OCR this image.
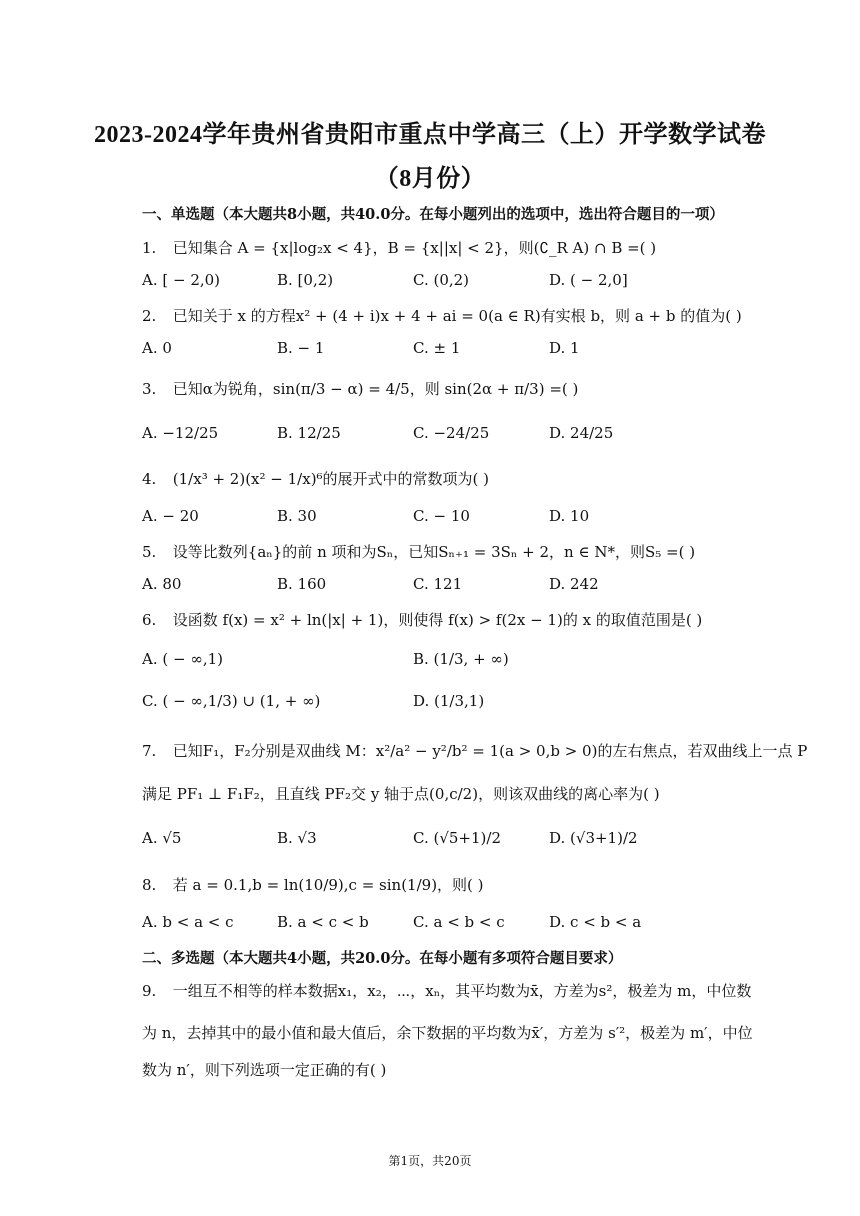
2023-2024学年贵州省贵阳市重点中学高三（上）开学数学试卷
（8月份）
一、单选题（本大题共8小题，共40.0分。在每小题列出的选项中，选出符合题目的一项）
1. 已知集合 A = {x|log₂x < 4}，B = {x||x| < 2}，则(∁_R A) ∩ B =( )
A. [ − 2,0)	B. [0,2)	C. (0,2)	D. ( − 2,0]
2. 已知关于 x 的方程x² + (4 + i)x + 4 + ai = 0(a ∈ R)有实根 b，则 a + b 的值为( )
A. 0	B. − 1	C. ± 1	D. 1
3. 已知α为锐角，sin(π/3 − α) = 4/5，则 sin(2α + π/3) =( )
A. −12/25	B. 12/25	C. −24/25	D. 24/25
4. (1/x³ + 2)(x² − 1/x)⁶的展开式中的常数项为( )
A. − 20	B. 30	C. − 10	D. 10
5. 设等比数列{aₙ}的前 n 项和为Sₙ，已知Sₙ₊₁ = 3Sₙ + 2，n ∈ N*，则S₅ =( )
A. 80	B. 160	C. 121	D. 242
6. 设函数 f(x) = x² + ln(|x| + 1)，则使得 f(x) > f(2x − 1)的 x 的取值范围是( )
A. ( − ∞,1)	B. (1/3, + ∞)
C. ( − ∞,1/3) ∪ (1, + ∞)	D. (1/3,1)
7. 已知F₁，F₂分别是双曲线 M：x²/a² − y²/b² = 1(a > 0,b > 0)的左右焦点，若双曲线上一点 P
满足 PF₁ ⊥ F₁F₂，且直线 PF₂交 y 轴于点(0,c/2)，则该双曲线的离心率为( )
A. √5	B. √3	C. (√5+1)/2	D. (√3+1)/2
8. 若 a = 0.1,b = ln(10/9),c = sin(1/9)，则( )
A. b < a < c	B. a < c < b	C. a < b < c	D. c < b < a
二、多选题（本大题共4小题，共20.0分。在每小题有多项符合题目要求）
9. 一组互不相等的样本数据x₁，x₂，⋯，xₙ，其平均数为x̄，方差为s²，极差为 m，中位数
为 n，去掉其中的最小值和最大值后，余下数据的平均数为x̄′，方差为 s′²，极差为 m′，中位
数为 n′，则下列选项一定正确的有( )
第1页，共20页
